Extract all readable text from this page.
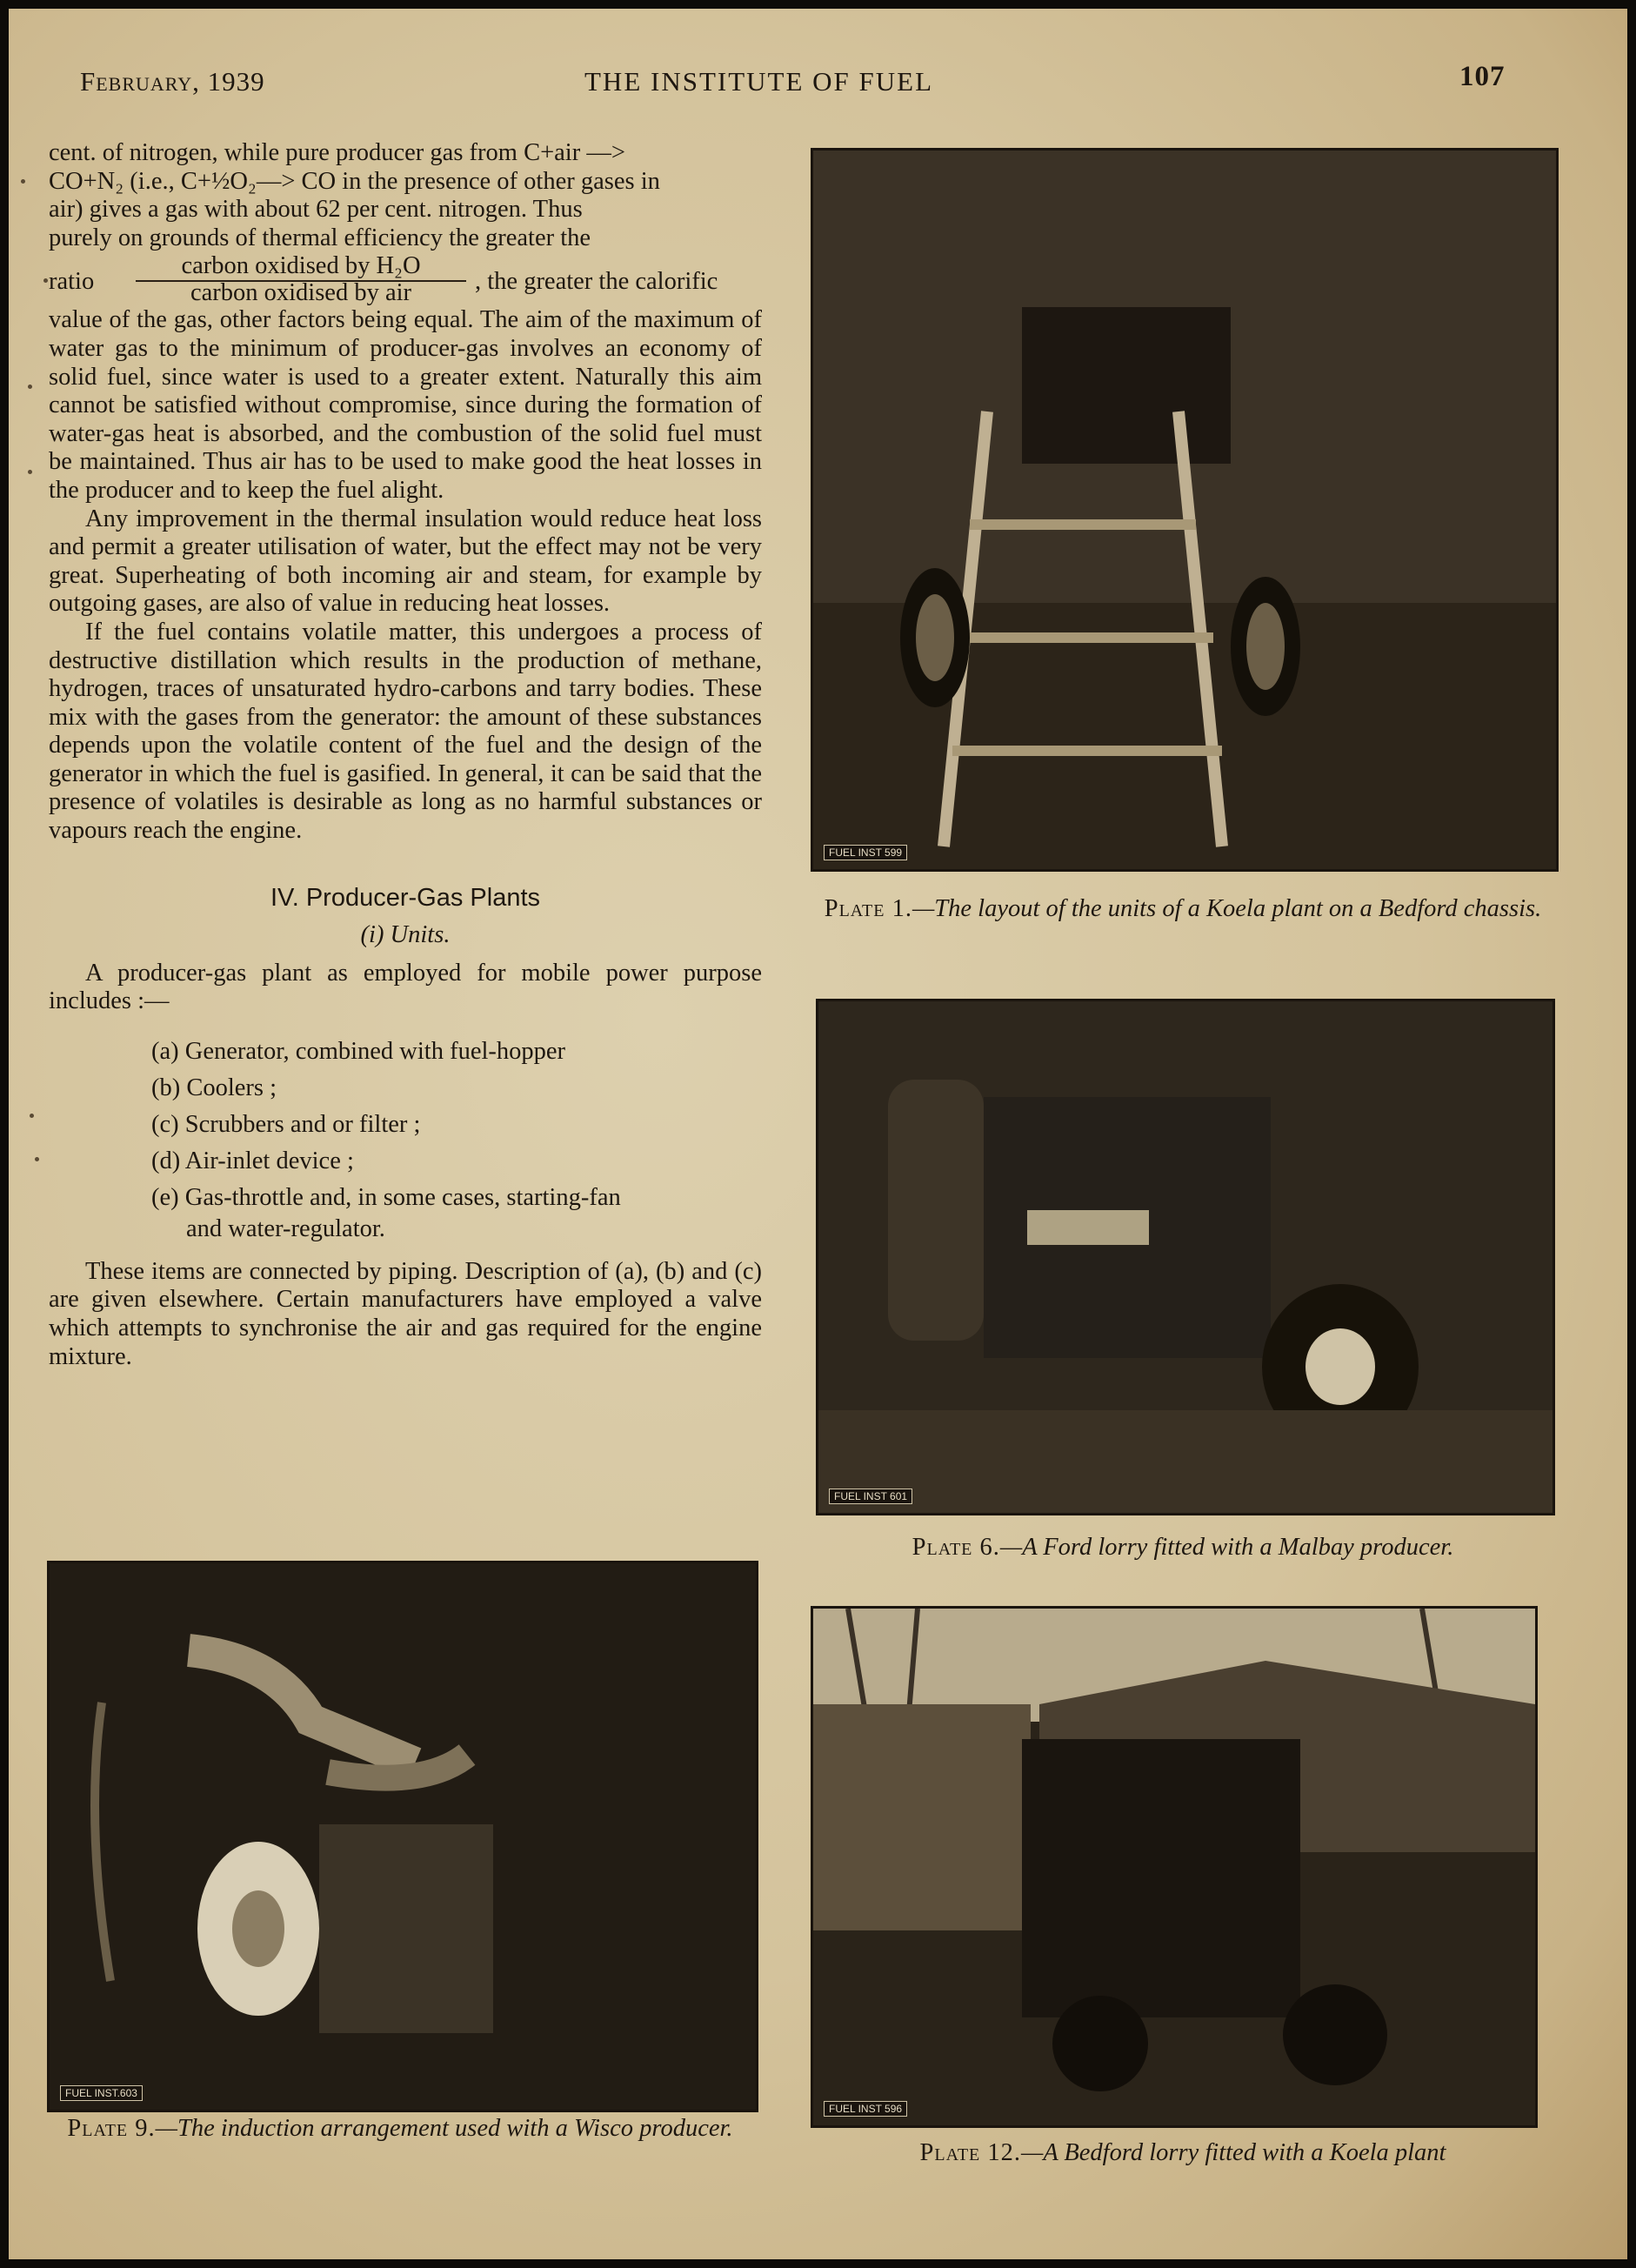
February, 1939	THE INSTITUTE OF FUEL	107

cent. of nitrogen, while pure producer gas from C+air —>

CO+N₂ (i.e., C+½O₂—> CO in the presence of other gases in

air) gives a gas with about 62 per cent. nitrogen. Thus

purely on grounds of thermal efficiency the greater the

ratio
carbon oxidised by H₂O
carbon oxidised by air	, the greater the calorific

value of the gas, other factors being equal. The aim of the maximum of water gas to the minimum of producer-gas involves an economy of solid fuel, since water is used to a greater extent. Naturally this aim cannot be satisfied without compromise, since during the formation of water-gas heat is absorbed, and the combustion of the solid fuel must be maintained. Thus air has to be used to make good the heat losses in the producer and to keep the fuel alight.

Any improvement in the thermal insulation would reduce heat loss and permit a greater utilisation of water, but the effect may not be very great. Superheating of both incoming air and steam, for example by outgoing gases, are also of value in reducing heat losses.

If the fuel contains volatile matter, this undergoes a process of destructive distillation which results in the production of methane, hydrogen, traces of unsaturated hydro-carbons and tarry bodies. These mix with the gases from the generator: the amount of these substances depends upon the volatile content of the fuel and the design of the generator in which the fuel is gasified. In general, it can be said that the presence of volatiles is desirable as long as no harmful substances or vapours reach the engine.

IV. Producer-Gas Plants
(i) Units.

A producer-gas plant as employed for mobile power purpose includes :—

(a) Generator, combined with fuel-hopper

(b) Coolers ;

(c) Scrubbers and or filter ;

(d) Air-inlet device ;

(e) Gas-throttle and, in some cases, starting-fan

and water-regulator.

These items are connected by piping. Description of (a), (b) and (c) are given elsewhere. Certain manufacturers have employed a valve which attempts to synchronise the air and gas required for the engine mixture.

FUEL INST 599
Plate 1.—The layout of the units of a Koela plant on a Bedford chassis.
FUEL INST 601
Plate 6.—A Ford lorry fitted with a Malbay producer.
FUEL INST.603
Plate 9.—The induction arrangement used with a Wisco producer.
FUEL INST 596
Plate 12.—A Bedford lorry fitted with a Koela plant
